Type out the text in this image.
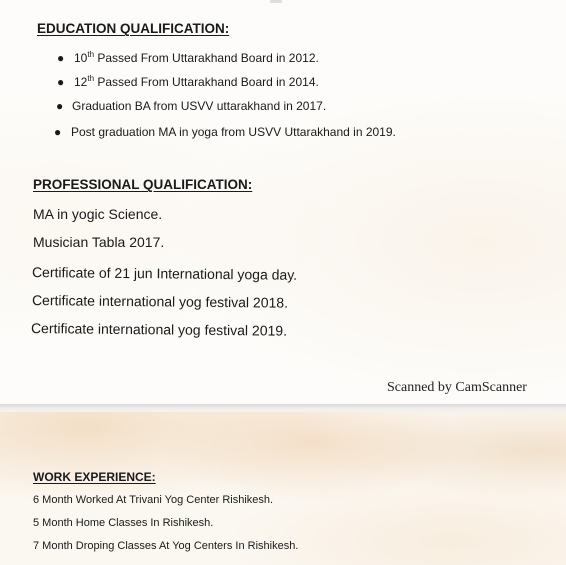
EDUCATION QUALIFICATION:
● 10th Passed From Uttarakhand Board in 2012.
● 12th Passed From Uttarakhand Board in 2014.
● Graduation BA from USVV uttarakhand in 2017.
● Post graduation MA in yoga from USVV Uttarakhand in 2019.
PROFESSIONAL QUALIFICATION:
MA in yogic Science.
Musician Tabla 2017.
Certificate of 21 jun International yoga day.
Certificate international yog festival 2018.
Certificate international yog festival 2019.
Scanned by CamScanner
WORK EXPERIENCE:
6 Month Worked At Trivani Yog Center Rishikesh.
5 Month Home Classes In Rishikesh.
7 Month Droping Classes At Yog Centers In Rishikesh.
